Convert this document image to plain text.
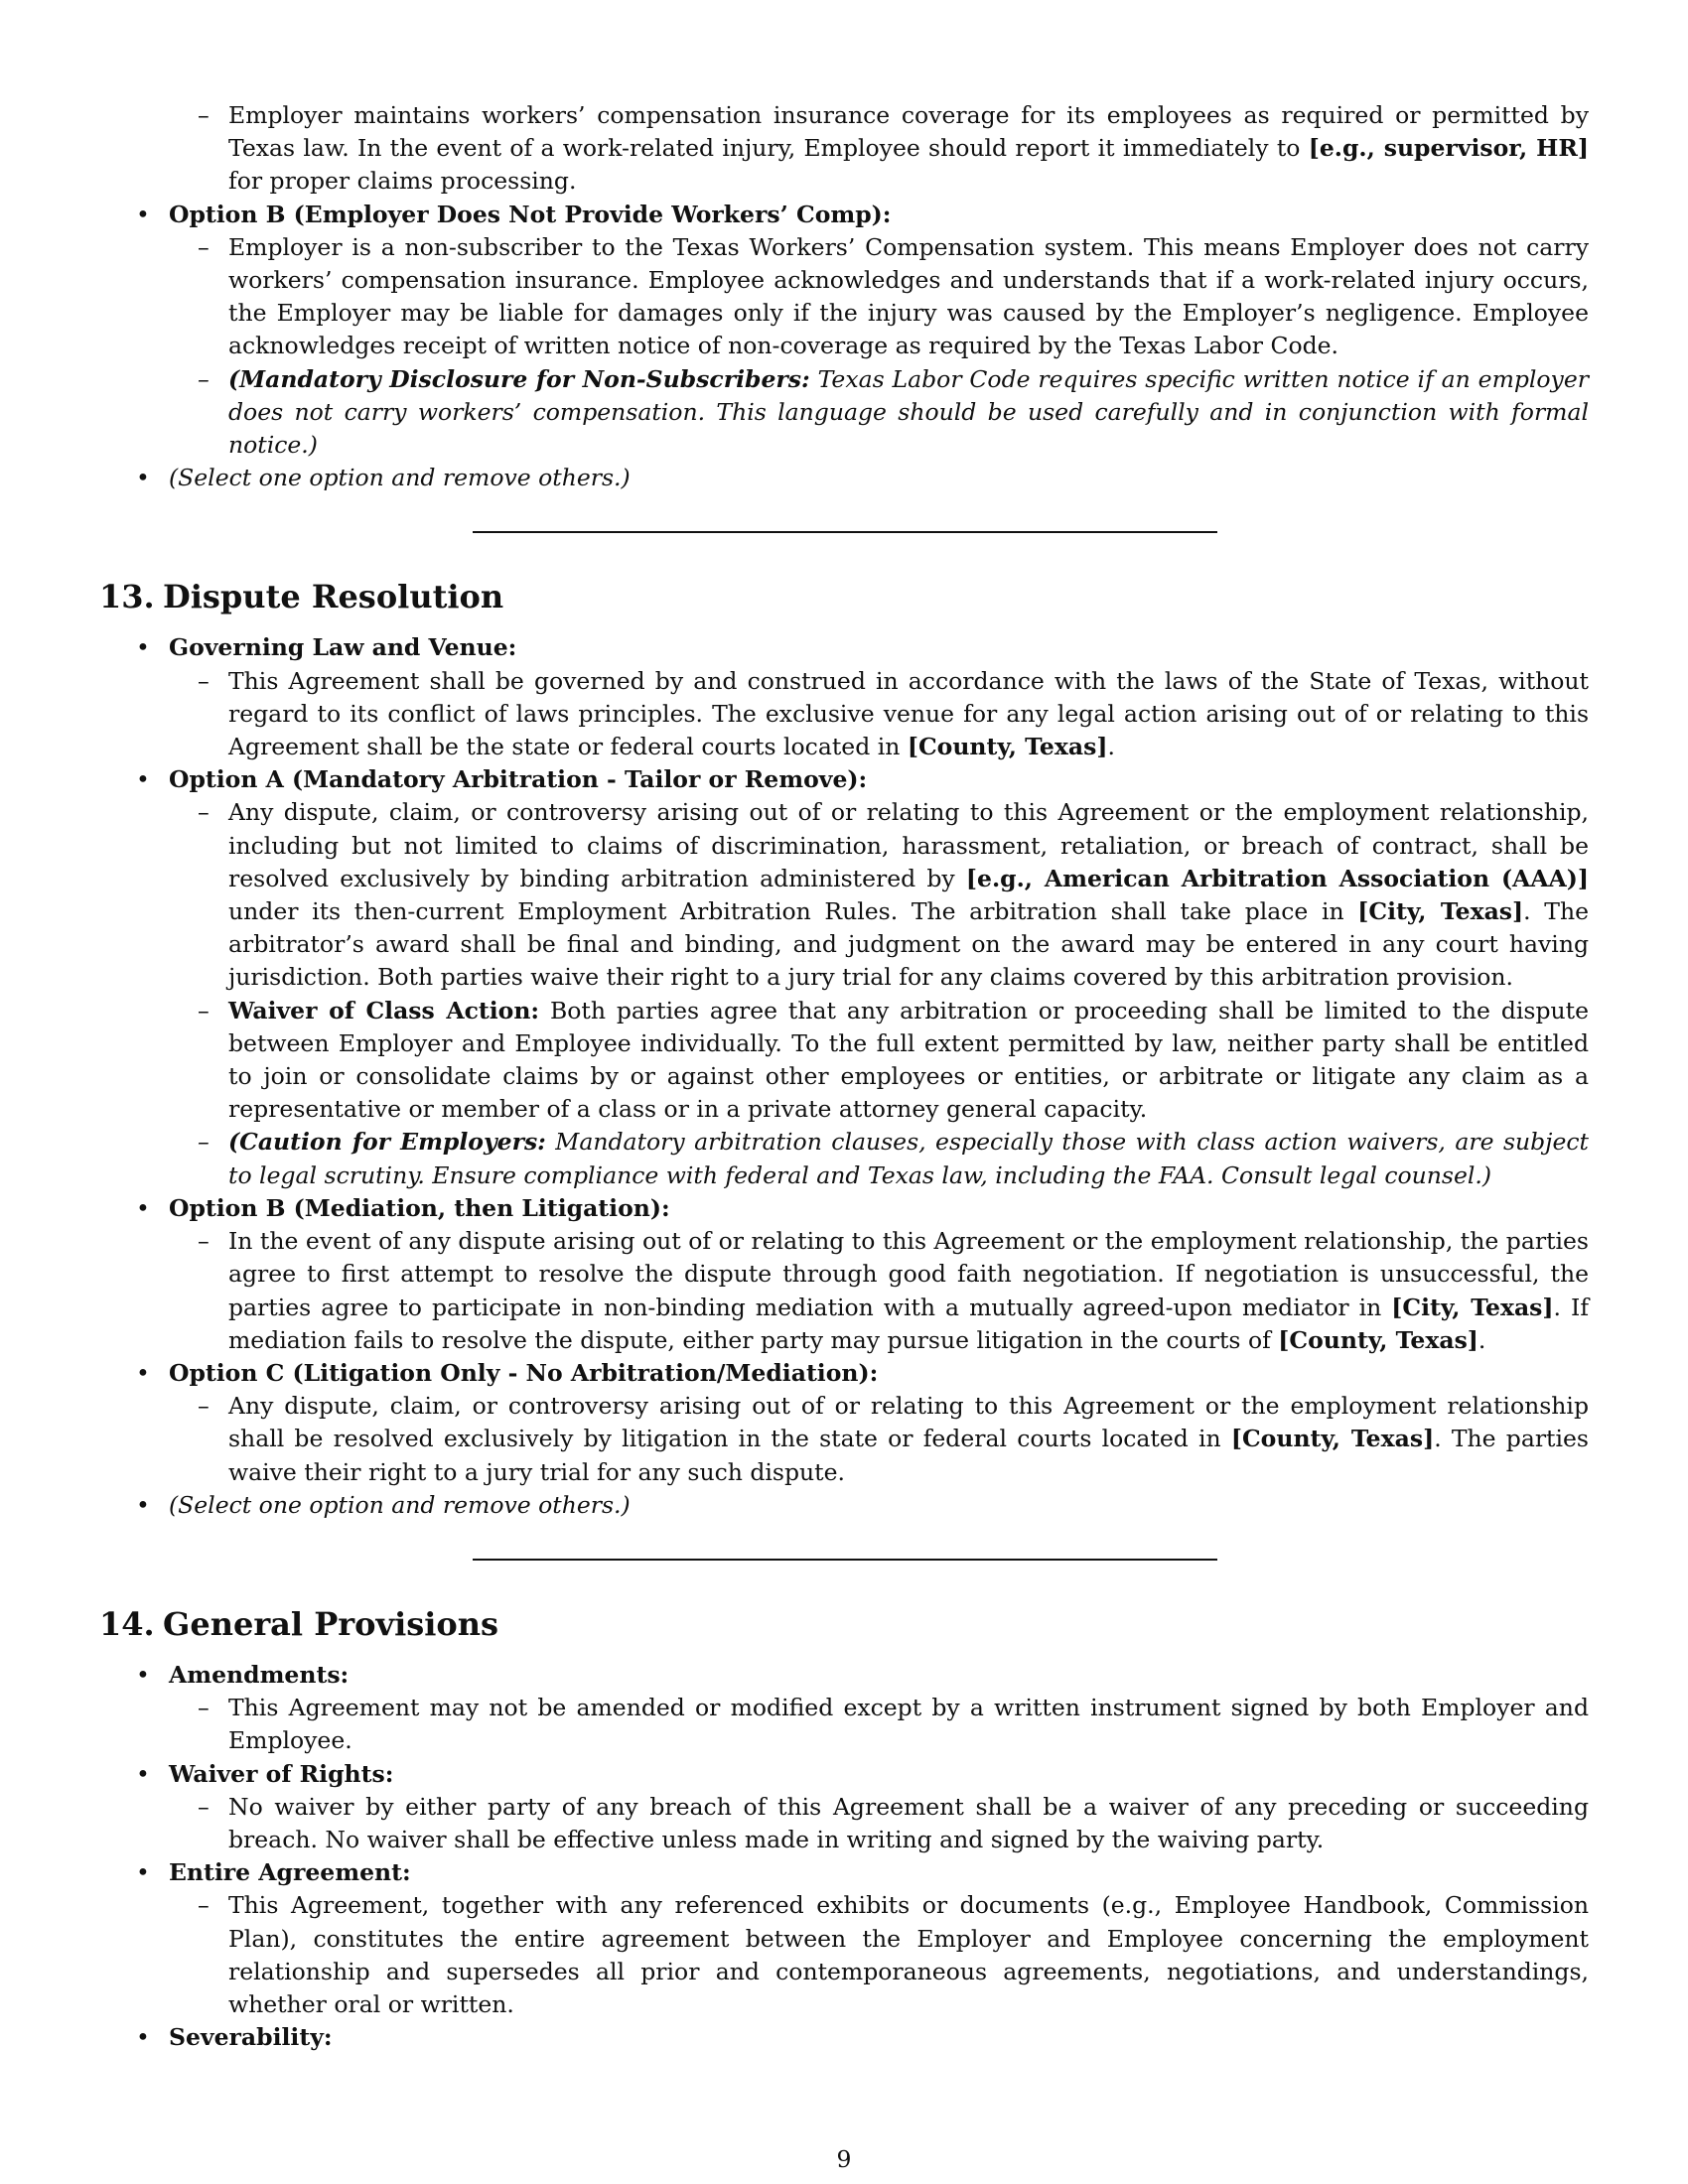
– Employer maintains workers’ compensation insurance coverage for its employees as required or permitted by Texas law. In the event of a work-related injury, Employee should report it immediately to [e.g., supervisor, HR] for proper claims processing.
• Option B (Employer Does Not Provide Workers’ Comp):
– Employer is a non-subscriber to the Texas Workers’ Compensation system. This means Employer does not carry workers’ compensation insurance. Employee acknowledges and understands that if a work-related injury occurs, the Employer may be liable for damages only if the injury was caused by the Employer’s negligence. Employee acknowledges receipt of written notice of non-coverage as required by the Texas Labor Code.
– (Mandatory Disclosure for Non-Subscribers: Texas Labor Code requires specific written notice if an employer does not carry workers’ compensation. This language should be used carefully and in conjunction with formal notice.)
• (Select one option and remove others.)
13. Dispute Resolution
• Governing Law and Venue:
– This Agreement shall be governed by and construed in accordance with the laws of the State of Texas, without regard to its conflict of laws principles. The exclusive venue for any legal action arising out of or relating to this Agreement shall be the state or federal courts located in [County, Texas].
• Option A (Mandatory Arbitration - Tailor or Remove):
– Any dispute, claim, or controversy arising out of or relating to this Agreement or the employment relationship, including but not limited to claims of discrimination, harassment, retaliation, or breach of contract, shall be resolved exclusively by binding arbitration administered by [e.g., American Arbitration Association (AAA)] under its then-current Employment Arbitration Rules. The arbitration shall take place in [City, Texas]. The arbitrator’s award shall be final and binding, and judgment on the award may be entered in any court having jurisdiction. Both parties waive their right to a jury trial for any claims covered by this arbitration provision.
– Waiver of Class Action: Both parties agree that any arbitration or proceeding shall be limited to the dispute between Employer and Employee individually. To the full extent permitted by law, neither party shall be entitled to join or consolidate claims by or against other employees or entities, or arbitrate or litigate any claim as a representative or member of a class or in a private attorney general capacity.
– (Caution for Employers: Mandatory arbitration clauses, especially those with class action waivers, are subject to legal scrutiny. Ensure compliance with federal and Texas law, including the FAA. Consult legal counsel.)
• Option B (Mediation, then Litigation):
– In the event of any dispute arising out of or relating to this Agreement or the employment relationship, the parties agree to first attempt to resolve the dispute through good faith negotiation. If negotiation is unsuccessful, the parties agree to participate in non-binding mediation with a mutually agreed-upon mediator in [City, Texas]. If mediation fails to resolve the dispute, either party may pursue litigation in the courts of [County, Texas].
• Option C (Litigation Only - No Arbitration/Mediation):
– Any dispute, claim, or controversy arising out of or relating to this Agreement or the employment relationship shall be resolved exclusively by litigation in the state or federal courts located in [County, Texas]. The parties waive their right to a jury trial for any such dispute.
• (Select one option and remove others.)
14. General Provisions
• Amendments:
– This Agreement may not be amended or modified except by a written instrument signed by both Employer and Employee.
• Waiver of Rights:
– No waiver by either party of any breach of this Agreement shall be a waiver of any preceding or succeeding breach. No waiver shall be effective unless made in writing and signed by the waiving party.
• Entire Agreement:
– This Agreement, together with any referenced exhibits or documents (e.g., Employee Handbook, Commission Plan), constitutes the entire agreement between the Employer and Employee concerning the employment relationship and supersedes all prior and contemporaneous agreements, negotiations, and understandings, whether oral or written.
• Severability:
9
